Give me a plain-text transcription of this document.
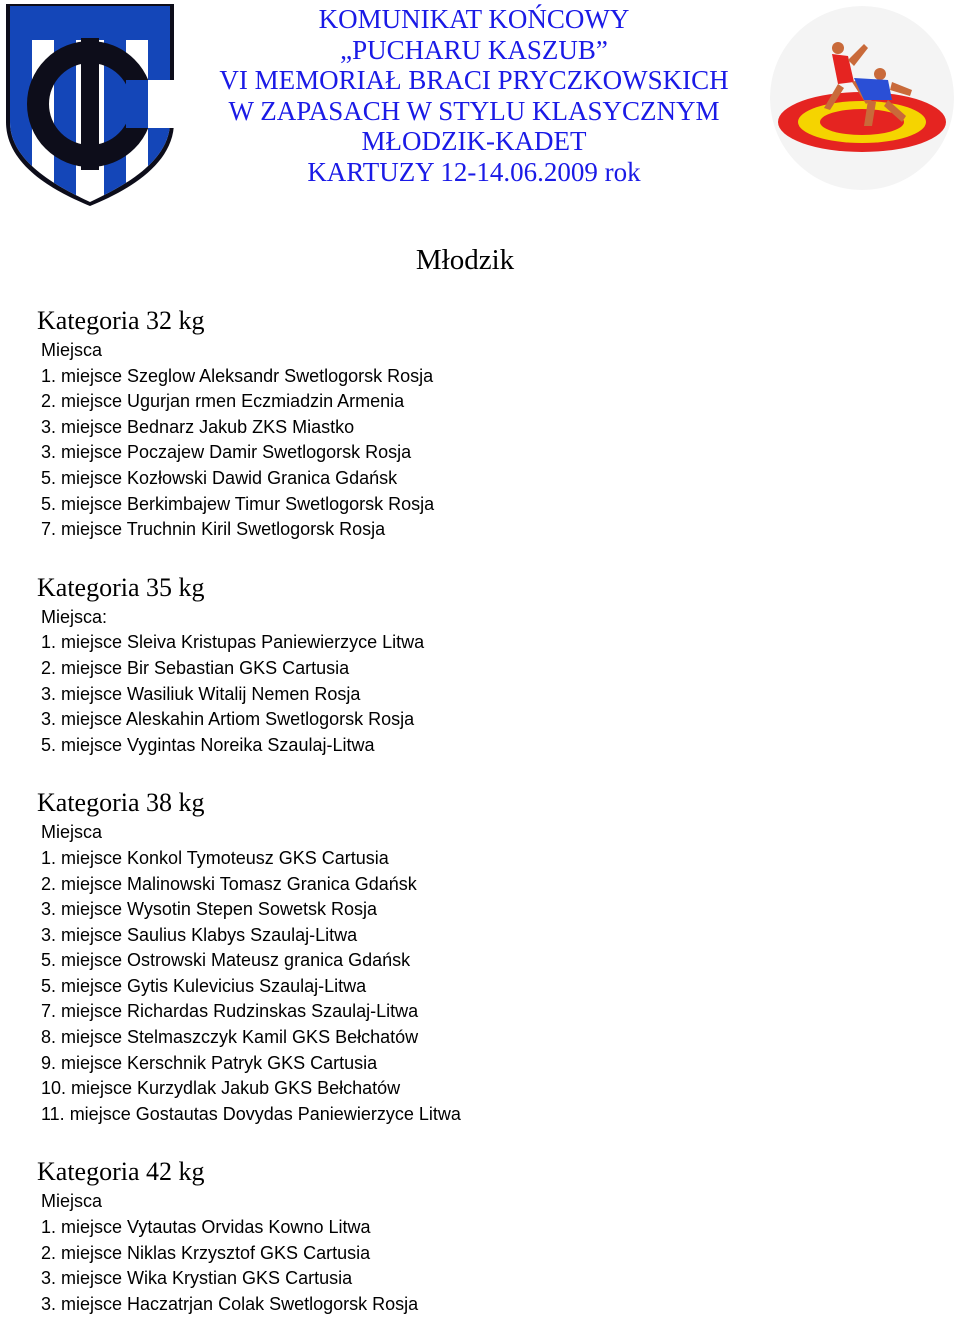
KOMUNIKAT KOŃCOWY
„PUCHARU KASZUB”
VI MEMORIAŁ BRACI PRYCZKOWSKICH
W ZAPASACH W STYLU KLASYCZNYM
MŁODZIK-KADET
KARTUZY 12-14.06.2009 rok
Młodzik
Kategoria 32 kg
Miejsca
1. miejsce Szeglow Aleksandr Swetlogorsk Rosja
2. miejsce Ugurjan rmen Eczmiadzin Armenia
3. miejsce Bednarz Jakub ZKS Miastko
3. miejsce Poczajew Damir Swetlogorsk Rosja
5. miejsce Kozłowski Dawid Granica Gdańsk
5. miejsce Berkimbajew Timur Swetlogorsk Rosja
7. miejsce Truchnin Kiril Swetlogorsk Rosja
Kategoria 35 kg
Miejsca:
1. miejsce Sleiva Kristupas Paniewierzyce Litwa
2. miejsce Bir Sebastian GKS Cartusia
3. miejsce Wasiliuk Witalij Nemen Rosja
3. miejsce Aleskahin Artiom Swetlogorsk Rosja
5. miejsce Vygintas Noreika Szaulaj-Litwa
Kategoria 38 kg
Miejsca
1. miejsce Konkol Tymoteusz GKS Cartusia
2. miejsce Malinowski Tomasz Granica Gdańsk
3. miejsce Wysotin Stepen Sowetsk Rosja
3. miejsce Saulius Klabys Szaulaj-Litwa
5. miejsce Ostrowski Mateusz granica Gdańsk
5. miejsce Gytis Kulevicius Szaulaj-Litwa
7. miejsce Richardas Rudzinskas Szaulaj-Litwa
8. miejsce Stelmaszczyk Kamil GKS Bełchatów
9. miejsce Kerschnik Patryk GKS Cartusia
10. miejsce Kurzydlak Jakub GKS Bełchatów
11. miejsce Gostautas Dovydas Paniewierzyce Litwa
Kategoria 42 kg
Miejsca
1. miejsce Vytautas Orvidas Kowno Litwa
2. miejsce Niklas Krzysztof GKS Cartusia
3. miejsce Wika Krystian GKS Cartusia
3. miejsce Haczatrjan Colak Swetlogorsk Rosja
